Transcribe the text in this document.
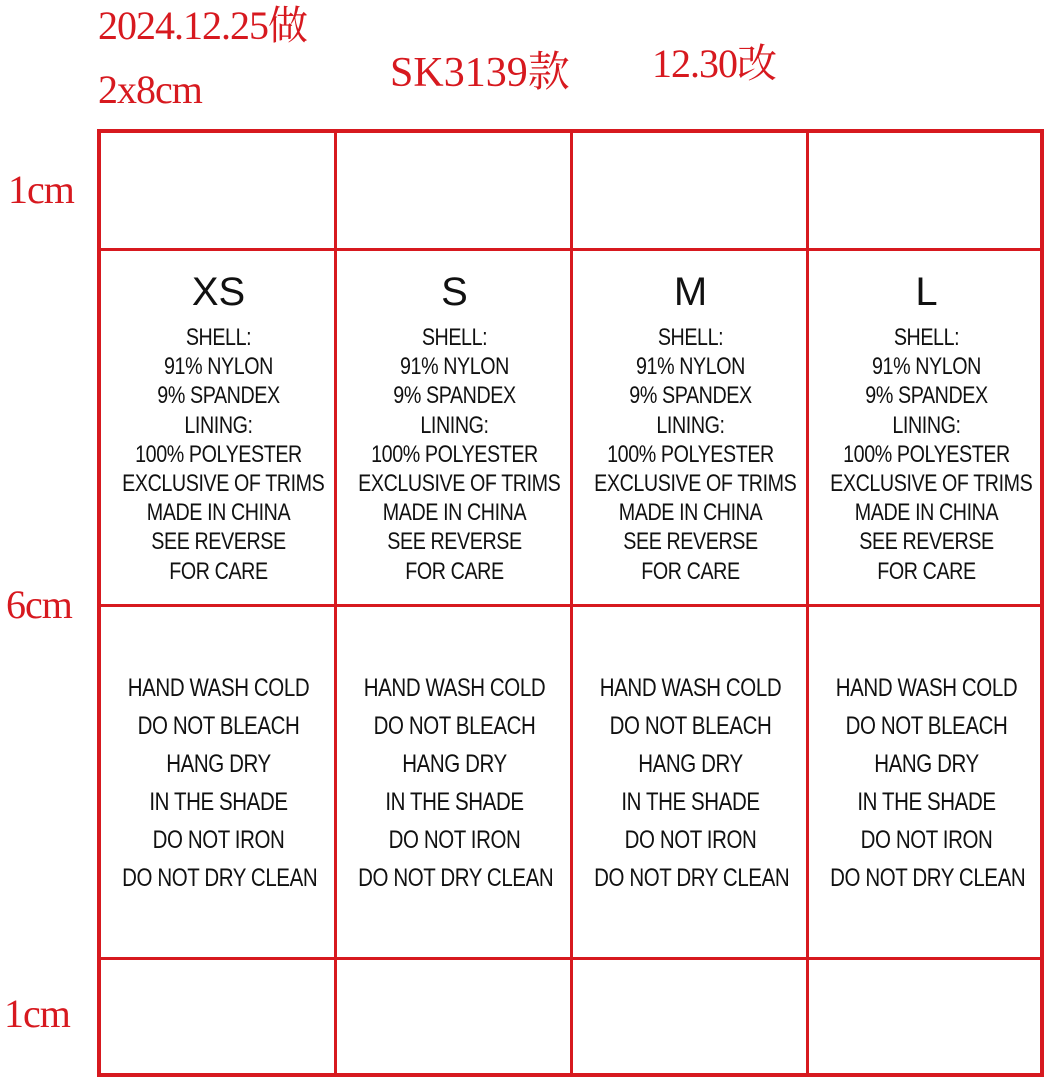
2024.12.25做
2x8cm	SK3139款 12.30改
1cm
6cm
1cm
XS
SHELL:
91% NYLON
9% SPANDEX
LINING:
100% POLYESTER
EXCLUSIVE OF TRIMS
MADE IN CHINA
SEE REVERSE
FOR CARE
HAND WASH COLD
DO NOT BLEACH
HANG DRY
IN THE SHADE
DO NOT IRON
DO NOT DRY CLEAN
S
SHELL:
91% NYLON
9% SPANDEX
LINING:
100% POLYESTER
EXCLUSIVE OF TRIMS
MADE IN CHINA
SEE REVERSE
FOR CARE
HAND WASH COLD
DO NOT BLEACH
HANG DRY
IN THE SHADE
DO NOT IRON
DO NOT DRY CLEAN
M
SHELL:
91% NYLON
9% SPANDEX
LINING:
100% POLYESTER
EXCLUSIVE OF TRIMS
MADE IN CHINA
SEE REVERSE
FOR CARE
HAND WASH COLD
DO NOT BLEACH
HANG DRY
IN THE SHADE
DO NOT IRON
DO NOT DRY CLEAN
L
SHELL:
91% NYLON
9% SPANDEX
LINING:
100% POLYESTER
EXCLUSIVE OF TRIMS
MADE IN CHINA
SEE REVERSE
FOR CARE
HAND WASH COLD
DO NOT BLEACH
HANG DRY
IN THE SHADE
DO NOT IRON
DO NOT DRY CLEAN
